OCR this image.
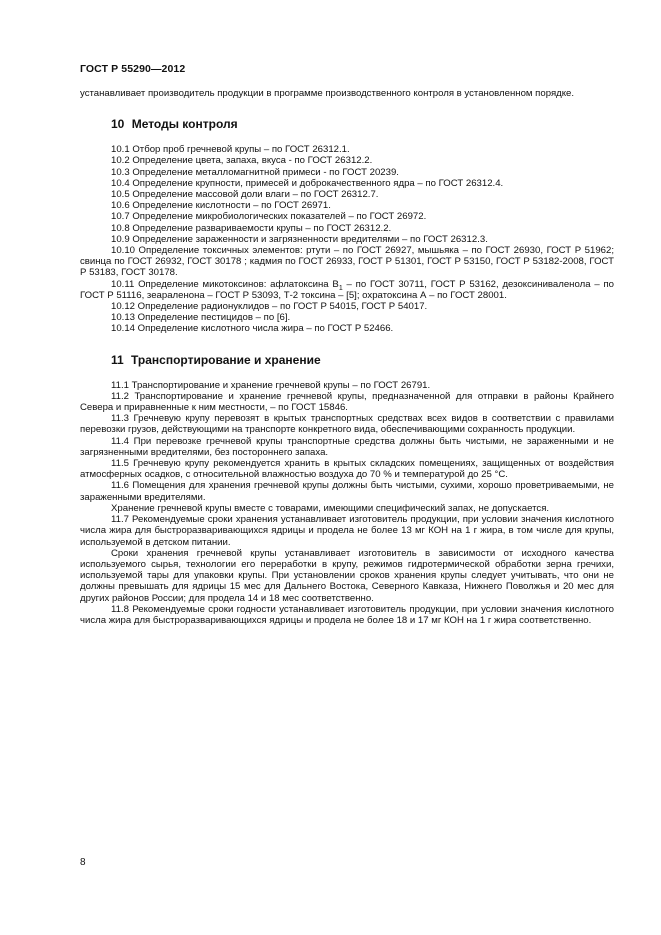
ГОСТ Р 55290—2012

устанавливает производитель продукции в программе производственного контроля в установленном порядке.

10 Методы контроля

10.1 Отбор проб гречневой крупы – по ГОСТ 26312.1.

10.2 Определение цвета, запаха, вкуса - по ГОСТ 26312.2.

10.3 Определение металломагнитной примеси - по ГОСТ 20239.

10.4 Определение крупности, примесей и доброкачественного ядра – по ГОСТ 26312.4.

10.5 Определение массовой доли влаги – по ГОСТ 26312.7.

10.6 Определение кислотности – по ГОСТ 26971.

10.7 Определение микробиологических показателей – по ГОСТ 26972.

10.8 Определение развариваемости крупы – по ГОСТ 26312.2.

10.9 Определение зараженности и загрязненности вредителями – по ГОСТ 26312.3.

10.10 Определение токсичных элементов: ртути – по ГОСТ 26927, мышьяка – по ГОСТ 26930, ГОСТ Р 51962; свинца по ГОСТ 26932, ГОСТ 30178 ; кадмия по ГОСТ 26933, ГОСТ Р 51301, ГОСТ Р 53150, ГОСТ Р 53182-2008, ГОСТ Р 53183, ГОСТ 30178.

10.11 Определение микотоксинов: афлатоксина $В_1$ – по ГОСТ 30711, ГОСТ Р 53162, дезоксиниваленола – по ГОСТ Р 51116, зеараленона – ГОСТ Р 53093, Т-2 токсина – [5]; охратоксина А – по ГОСТ 28001.

10.12 Определение радионуклидов – по ГОСТ Р 54015, ГОСТ Р 54017.

10.13 Определение пестицидов – по [6].

10.14 Определение кислотного числа жира – по ГОСТ Р 52466.

11 Транспортирование и хранение

11.1 Транспортирование и хранение гречневой крупы – по ГОСТ 26791.

11.2 Транспортирование и хранение гречневой крупы, предназначенной для отправки в районы Крайнего Севера и приравненные к ним местности, – по ГОСТ 15846.

11.3 Гречневую крупу перевозят в крытых транспортных средствах всех видов в соответствии с правилами перевозки грузов, действующими на транспорте конкретного вида, обеспечивающими сохранность продукции.

11.4 При перевозке гречневой крупы транспортные средства должны быть чистыми, не зараженными и не загрязненными вредителями, без постороннего запаха.

11.5 Гречневую крупу рекомендуется хранить в крытых складских помещениях, защищенных от воздействия атмосферных осадков, с относительной влажностью воздуха до 70 % и температурой до 25 °С.

11.6 Помещения для хранения гречневой крупы должны быть чистыми, сухими, хорошо проветриваемыми, не зараженными вредителями.

Хранение гречневой крупы вместе с товарами, имеющими специфический запах, не допускается.

11.7 Рекомендуемые сроки хранения устанавливает изготовитель продукции, при условии значения кислотного числа жира для быстроразваривающихся ядрицы и продела не более 13 мг КОН на 1 г жира, в том числе для крупы, используемой в детском питании.

Сроки хранения гречневой крупы устанавливает изготовитель в зависимости от исходного качества используемого сырья, технологии его переработки в крупу, режимов гидротермической обработки зерна гречихи, используемой тары для упаковки крупы. При установлении сроков хранения крупы следует учитывать, что они не должны превышать для ядрицы 15 мес для Дальнего Востока, Северного Кавказа, Нижнего Поволжья и 20 мес для других районов России; для продела 14 и 18 мес соответственно.

11.8 Рекомендуемые сроки годности устанавливает изготовитель продукции, при условии значения кислотного числа жира для быстроразваривающихся ядрицы и продела не более 18 и 17 мг КОН на 1 г жира соответственно.

8
